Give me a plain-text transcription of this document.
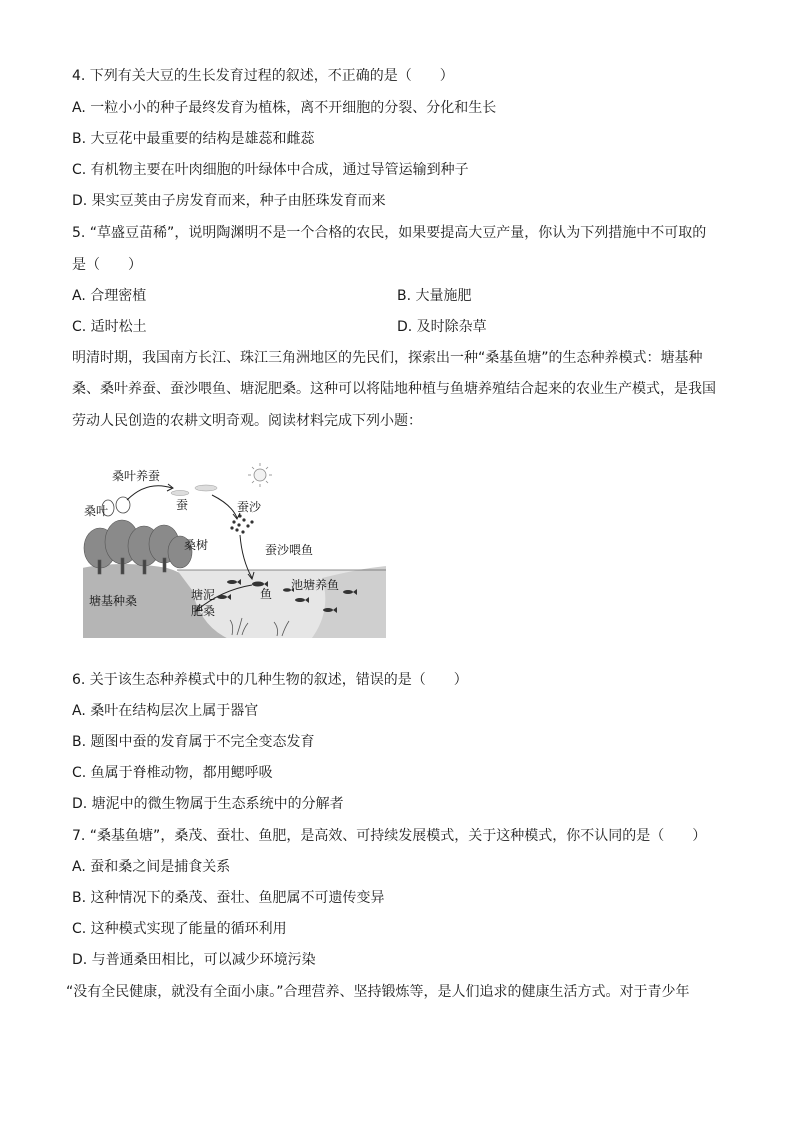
4. 下列有关大豆的生长发育过程的叙述，不正确的是（　　）
A. 一粒小小的种子最终发育为植株，离不开细胞的分裂、分化和生长
B. 大豆花中最重要的结构是雄蕊和雌蕊
C. 有机物主要在叶肉细胞的叶绿体中合成，通过导管运输到种子
D. 果实豆荚由子房发育而来，种子由胚珠发育而来
5. “草盛豆苗稀”，说明陶渊明不是一个合格的农民，如果要提高大豆产量，你认为下列措施中不可取的
是（　　）
A. 合理密植	B. 大量施肥
C. 适时松土	D. 及时除杂草
明清时期，我国南方长江、珠江三角洲地区的先民们，探索出一种“桑基鱼塘”的生态种养模式：塘基种
桑、桑叶养蚕、蚕沙喂鱼、塘泥肥桑。这种可以将陆地种植与鱼塘养殖结合起来的农业生产模式，是我国
劳动人民创造的农耕文明奇观。阅读材料完成下列小题：
桑叶养蚕
蚕
桑叶	蚕沙
桑树	蚕沙喂鱼
池塘养鱼
鱼
塘泥
肥桑
塘基种桑
6. 关于该生态种养模式中的几种生物的叙述，错误的是（　　）
A. 桑叶在结构层次上属于器官
B. 题图中蚕的发育属于不完全变态发育
C. 鱼属于脊椎动物，都用鳃呼吸
D. 塘泥中的微生物属于生态系统中的分解者
7. “桑基鱼塘”，桑茂、蚕壮、鱼肥，是高效、可持续发展模式，关于这种模式，你不认同的是（　　）
A. 蚕和桑之间是捕食关系
B. 这种情况下的桑茂、蚕壮、鱼肥属不可遗传变异
C. 这种模式实现了能量的循环利用
D. 与普通桑田相比，可以减少环境污染
“没有全民健康，就没有全面小康。”合理营养、坚持锻炼等，是人们追求的健康生活方式。对于青少年
